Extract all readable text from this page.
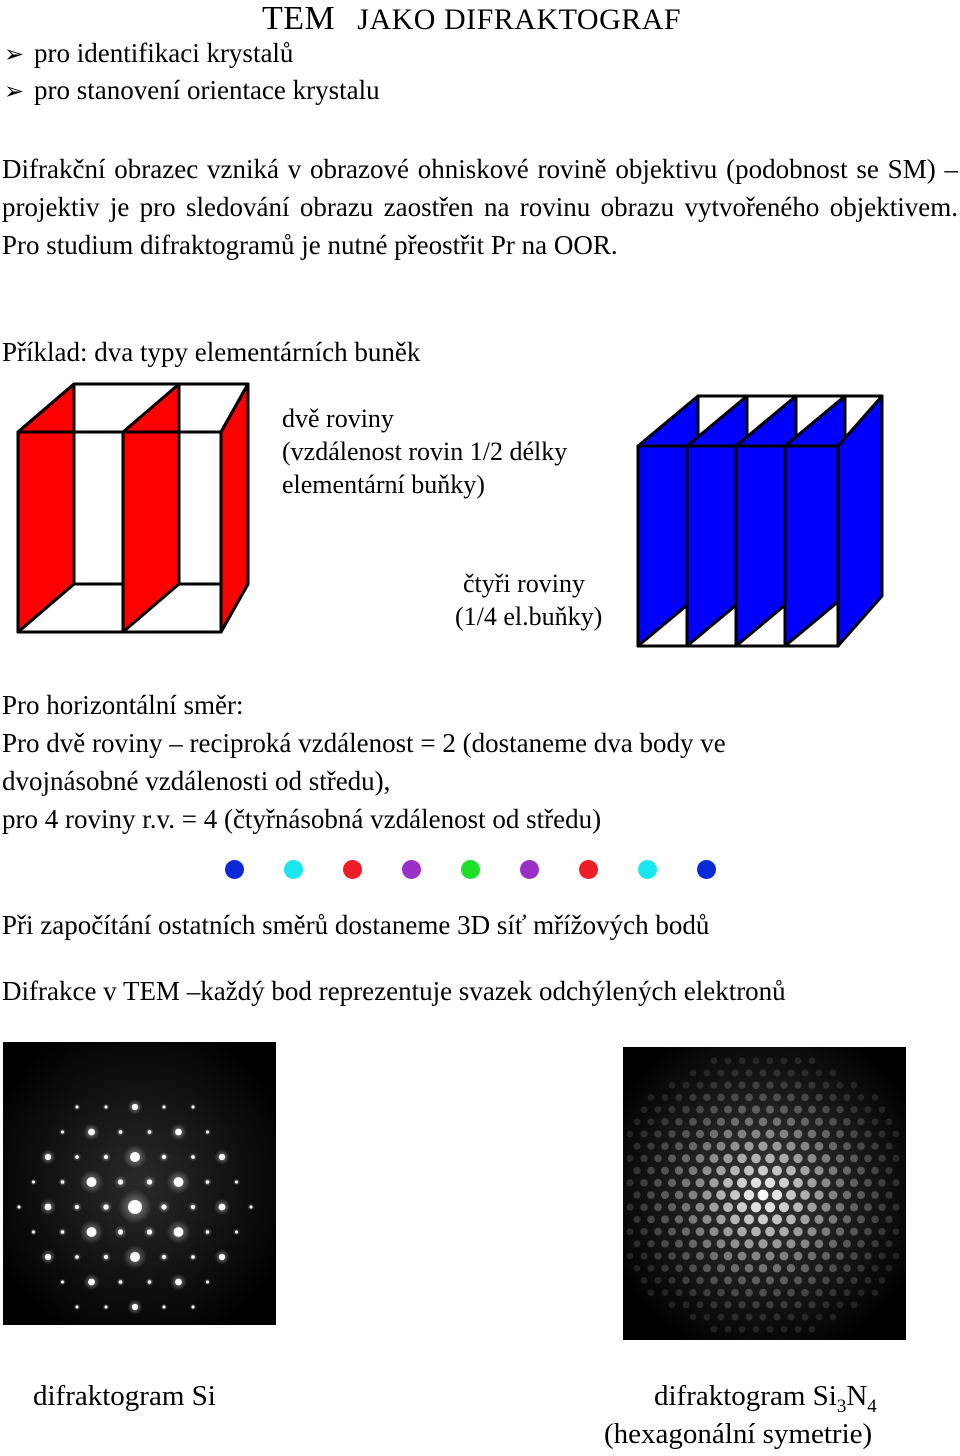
TEM JAKO DIFRAKTOGRAF
➢ pro identifikaci krystalů
➢ pro stanovení orientace krystalu
Difrakční obrazec vzniká v obrazové ohniskové rovině objektivu (podobnost se SM) – projektiv je pro sledování obrazu zaostřen na rovinu obrazu vytvořeného objektivem. Pro studium difraktogramů je nutné přeostřit Pr na OOR.
Příklad: dva typy elementárních buněk
dvě roviny
(vzdálenost rovin 1/2 délky
elementární buňky)
čtyři roviny
(1/4 el.buňky)
Pro horizontální směr:
Pro dvě roviny – reciproká vzdálenost = 2 (dostaneme dva body ve
dvojnásobné vzdálenosti od středu),
pro 4 roviny r.v. = 4 (čtyřnásobná vzdálenost od středu)
Při započítání ostatních směrů dostaneme 3D síť mřížových bodů
Difrakce v TEM –každý bod reprezentuje svazek odchýlených elektronů
difraktogram Si	difraktogram $Si_3N_4$
(hexagonální symetrie)
